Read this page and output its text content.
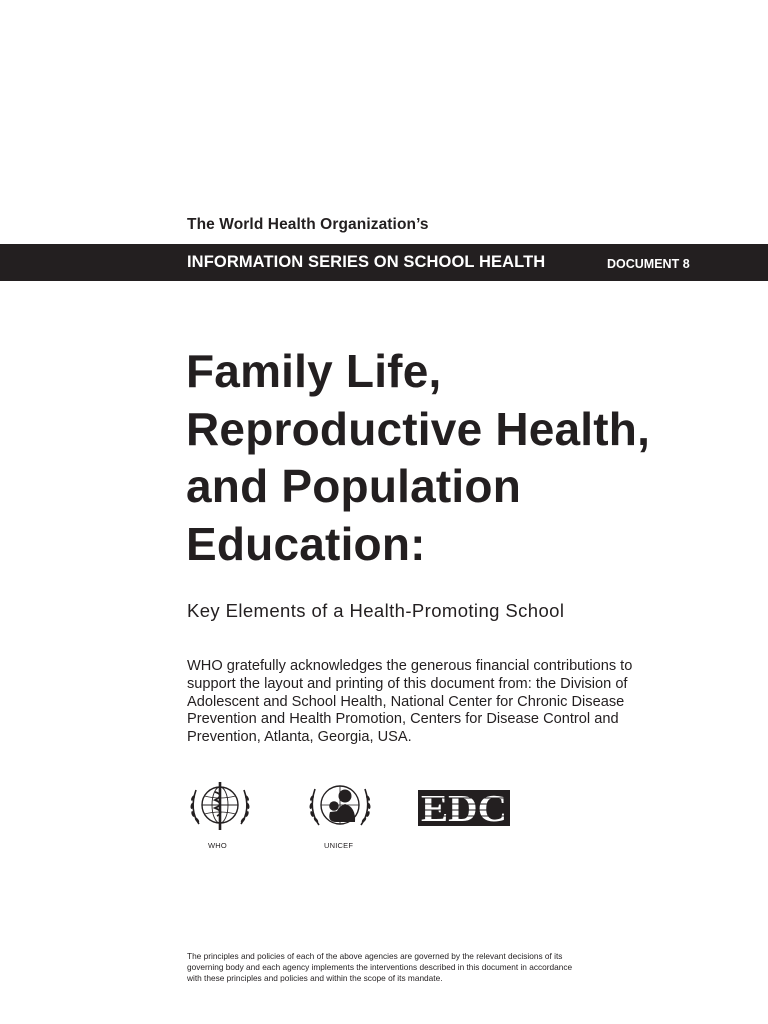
The World Health Organization’s
INFORMATION SERIES ON SCHOOL HEALTH	DOCUMENT 8
Family Life,
Reproductive Health,
and Population
Education:
Key Elements of a Health-Promoting School
WHO gratefully acknowledges the generous financial contributions to
support the layout and printing of this document from: the Division of
Adolescent and School Health, National Center for Chronic Disease
Prevention and Health Promotion, Centers for Disease Control and
Prevention, Atlanta, Georgia, USA.
WHO	UNICEF
EDC
The principles and policies of each of the above agencies are governed by the relevant decisions of its
governing body and each agency implements the interventions described in this document in accordance
with these principles and policies and within the scope of its mandate.
